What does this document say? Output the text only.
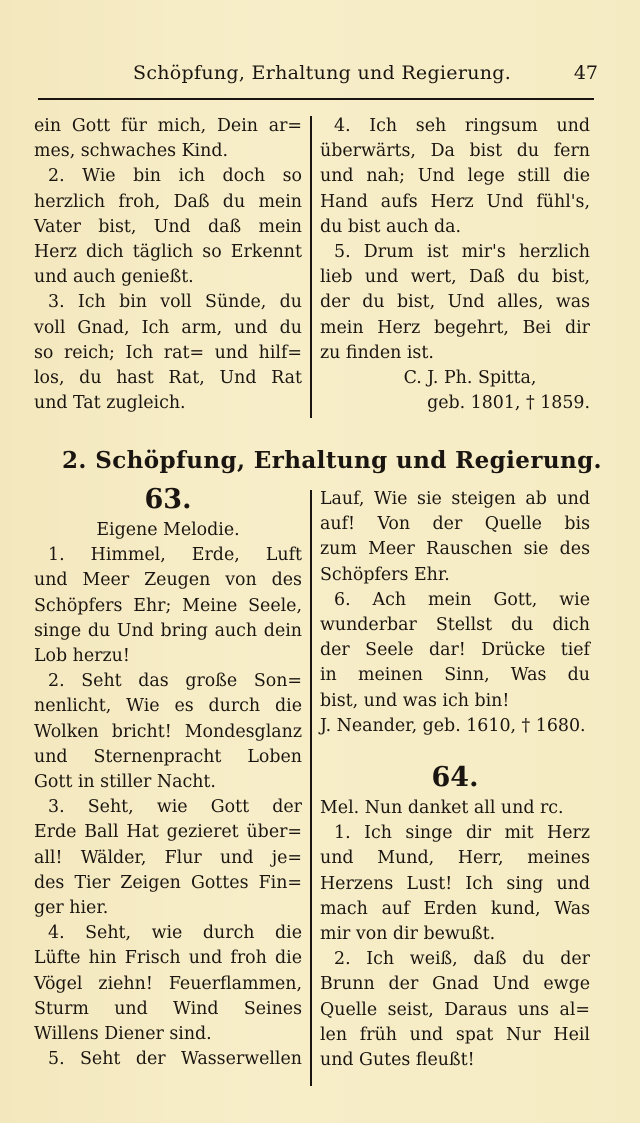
Schöpfung, Erhaltung und Regierung.	47
ein Gott für mich, Dein ar=
mes, schwaches Kind.
2. Wie bin ich doch so
herzlich froh, Daß du mein
Vater bist, Und daß mein
Herz dich täglich so Erkennt
und auch genießt.
3. Ich bin voll Sünde, du
voll Gnad, Ich arm, und du
so reich; Ich rat= und hilf=
los, du hast Rat, Und Rat
und Tat zugleich.
4. Ich seh ringsum und
überwärts, Da bist du fern
und nah; Und lege still die
Hand aufs Herz Und fühl's,
du bist auch da.
5. Drum ist mir's herzlich
lieb und wert, Daß du bist,
der du bist, Und alles, was
mein Herz begehrt, Bei dir
zu finden ist.
C. J. Ph. Spitta,
geb. 1801, † 1859.
2. Schöpfung, Erhaltung und Regierung.
63.
Eigene Melodie.
1. Himmel, Erde, Luft
und Meer Zeugen von des
Schöpfers Ehr; Meine Seele,
singe du Und bring auch dein
Lob herzu!
2. Seht das große Son=
nenlicht, Wie es durch die
Wolken bricht! Mondesglanz
und Sternenpracht Loben
Gott in stiller Nacht.
3. Seht, wie Gott der
Erde Ball Hat gezieret über=
all! Wälder, Flur und je=
des Tier Zeigen Gottes Fin=
ger hier.
4. Seht, wie durch die
Lüfte hin Frisch und froh die
Vögel ziehn! Feuerflammen,
Sturm und Wind Seines
Willens Diener sind.
5. Seht der Wasserwellen
Lauf, Wie sie steigen ab und
auf! Von der Quelle bis
zum Meer Rauschen sie des
Schöpfers Ehr.
6. Ach mein Gott, wie
wunderbar Stellst du dich
der Seele dar! Drücke tief
in meinen Sinn, Was du
bist, und was ich bin!
J. Neander, geb. 1610, † 1680.
64.
Mel. Nun danket all und rc.
1. Ich singe dir mit Herz
und Mund, Herr, meines
Herzens Lust! Ich sing und
mach auf Erden kund, Was
mir von dir bewußt.
2. Ich weiß, daß du der
Brunn der Gnad Und ewge
Quelle seist, Daraus uns al=
len früh und spat Nur Heil
und Gutes fleußt!
